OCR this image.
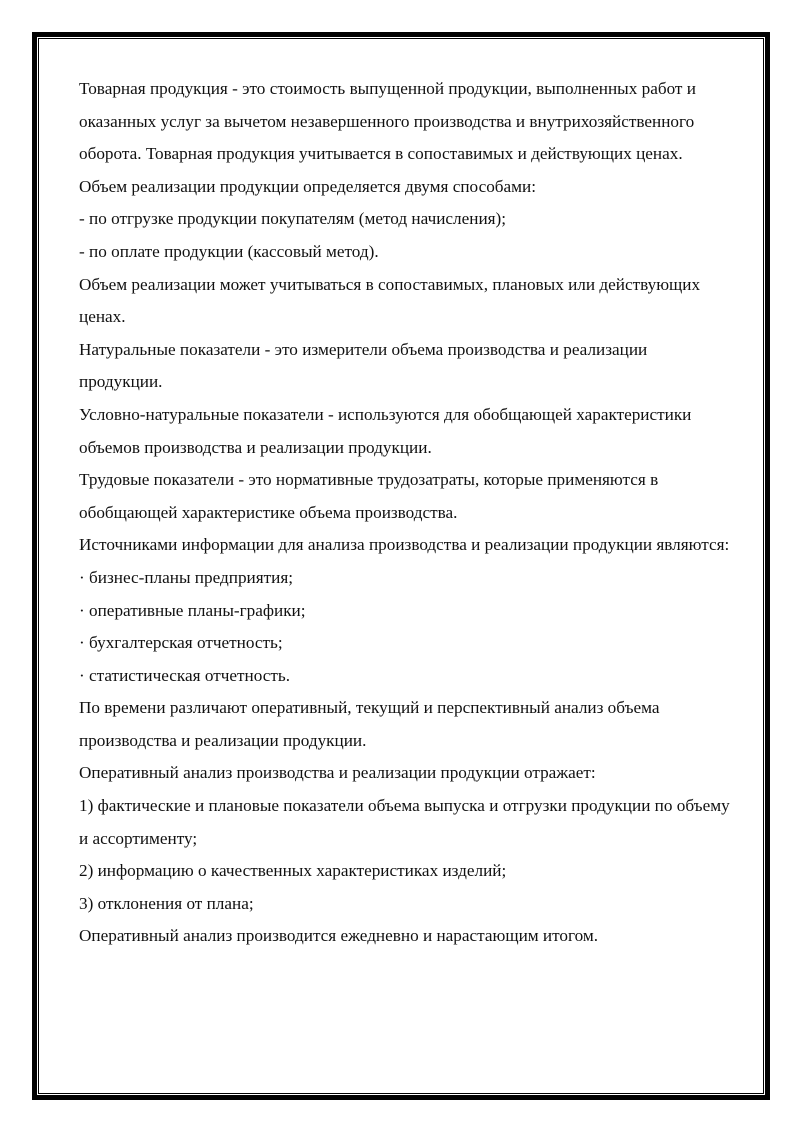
Товарная продукция - это стоимость выпущенной продукции, выполненных работ и оказанных услуг за вычетом незавершенного производства и внутрихозяйственного оборота. Товарная продукция учитывается в сопоставимых и действующих ценах.

Объем реализации продукции определяется двумя способами:

- по отгрузке продукции покупателям (метод начисления);

- по оплате продукции (кассовый метод).

Объем реализации может учитываться в сопоставимых, плановых или действующих ценах.

Натуральные показатели - это измерители объема производства и реализации продукции.

Условно-натуральные показатели - используются для обобщающей характеристики объемов производства и реализации продукции.

Трудовые показатели - это нормативные трудозатраты, которые применяются в обобщающей характеристике объема производства.

Источниками информации для анализа производства и реализации продукции являются:

· бизнес-планы предприятия;

· оперативные планы-графики;

· бухгалтерская отчетность;

· статистическая отчетность.

По времени различают оперативный, текущий и перспективный анализ объема производства и реализации продукции.

Оперативный анализ производства и реализации продукции отражает:

1) фактические и плановые показатели объема выпуска и отгрузки продукции по объему и ассортименту;

2) информацию о качественных характеристиках изделий;

3) отклонения от плана;

Оперативный анализ производится ежедневно и нарастающим итогом.
